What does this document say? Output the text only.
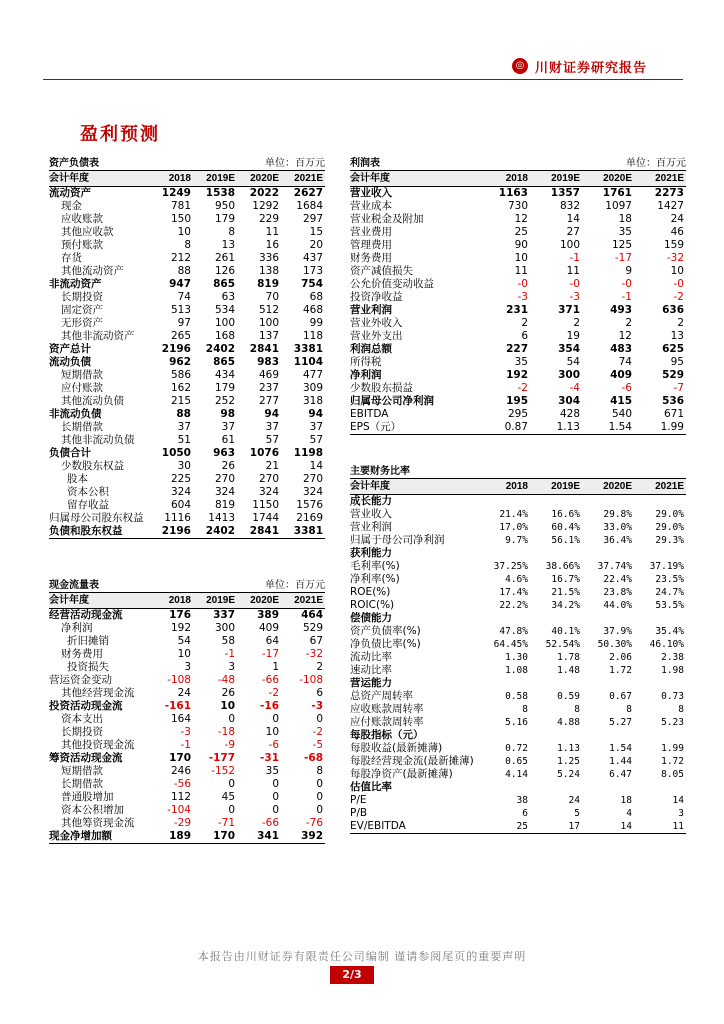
◎ 川财证券研究报告
盈利预测
资产负债表			单位：百万元	
会计年度	2018	2019E	2020E	2021E
流动资产	1249	1538	2022	2627
现金	781	950	1292	1684
应收账款	150	179	229	297
其他应收款	10	8	11	15
预付账款	8	13	16	20
存货	212	261	336	437
其他流动资产	88	126	138	173
非流动资产	947	865	819	754
长期投资	74	63	70	68
固定资产	513	534	512	468
无形资产	97	100	100	99
其他非流动资产	265	168	137	118
资产总计	2196	2402	2841	3381
流动负债	962	865	983	1104
短期借款	586	434	469	477
应付账款	162	179	237	309
其他流动负债	215	252	277	318
非流动负债	88	98	94	94
长期借款	37	37	37	37
其他非流动负债	51	61	57	57
负债合计	1050	963	1076	1198
少数股东权益	30	26	21	14
股本	225	270	270	270
资本公积	324	324	324	324
留存收益	604	819	1150	1576
归属母公司股东权益	1116	1413	1744	2169
负债和股东权益	2196	2402	2841	3381
现金流量表			单位：百万元	
会计年度	2018	2019E	2020E	2021E
经营活动现金流	176	337	389	464
净利润	192	300	409	529
折旧摊销	54	58	64	67
财务费用	10	-1	-17	-32
投资损失	3	3	1	2
营运资金变动	-108	-48	-66	-108
其他经营现金流	24	26	-2	6
投资活动现金流	-161	10	-16	-3
资本支出	164	0	0	0
长期投资	-3	-18	10	-2
其他投资现金流	-1	-9	-6	-5
筹资活动现金流	170	-177	-31	-68
短期借款	246	-152	35	8
长期借款	-56	0	0	0
普通股增加	112	45	0	0
资本公积增加	-104	0	0	0
其他筹资现金流	-29	-71	-66	-76
现金净增加额	189	170	341	392
利润表			单位：百万元	
会计年度	2018	2019E	2020E	2021E
营业收入	1163	1357	1761	2273
营业成本	730	832	1097	1427
营业税金及附加	12	14	18	24
营业费用	25	27	35	46
管理费用	90	100	125	159
财务费用	10	-1	-17	-32
资产减值损失	11	11	9	10
公允价值变动收益	-0	-0	-0	-0
投资净收益	-3	-3	-1	-2
营业利润	231	371	493	636
营业外收入	2	2	2	2
营业外支出	6	19	12	13
利润总额	227	354	483	625
所得税	35	54	74	95
净利润	192	300	409	529
少数股东损益	-2	-4	-6	-7
归属母公司净利润	195	304	415	536
EBITDA	295	428	540	671
EPS（元）	0.87	1.13	1.54	1.99
主要财务比率				
会计年度	2018	2019E	2020E	2021E
成长能力				
营业收入	21.4%	16.6%	29.8%	29.0%
营业利润	17.0%	60.4%	33.0%	29.0%
归属于母公司净利润	9.7%	56.1%	36.4%	29.3%
获利能力				
毛利率(%)	37.25%	38.66%	37.74%	37.19%
净利率(%)	4.6%	16.7%	22.4%	23.5%
ROE(%)	17.4%	21.5%	23.8%	24.7%
ROIC(%)	22.2%	34.2%	44.0%	53.5%
偿债能力				
资产负债率(%)	47.8%	40.1%	37.9%	35.4%
净负债比率(%)	64.45%	52.54%	50.30%	46.10%
流动比率	1.30	1.78	2.06	2.38
速动比率	1.08	1.48	1.72	1.98
营运能力				
总资产周转率	0.58	0.59	0.67	0.73
应收账款周转率	8	8	8	8
应付账款周转率	5.16	4.88	5.27	5.23
每股指标（元）				
每股收益(最新摊薄)	0.72	1.13	1.54	1.99
每股经营现金流(最新摊薄)	0.65	1.25	1.44	1.72
每股净资产(最新摊薄)	4.14	5.24	6.47	8.05
估值比率				
P/E	38	24	18	14
P/B	6	5	4	3
EV/EBITDA	25	17	14	11
本报告由川财证券有限责任公司编制 谨请参阅尾页的重要声明
2/3
